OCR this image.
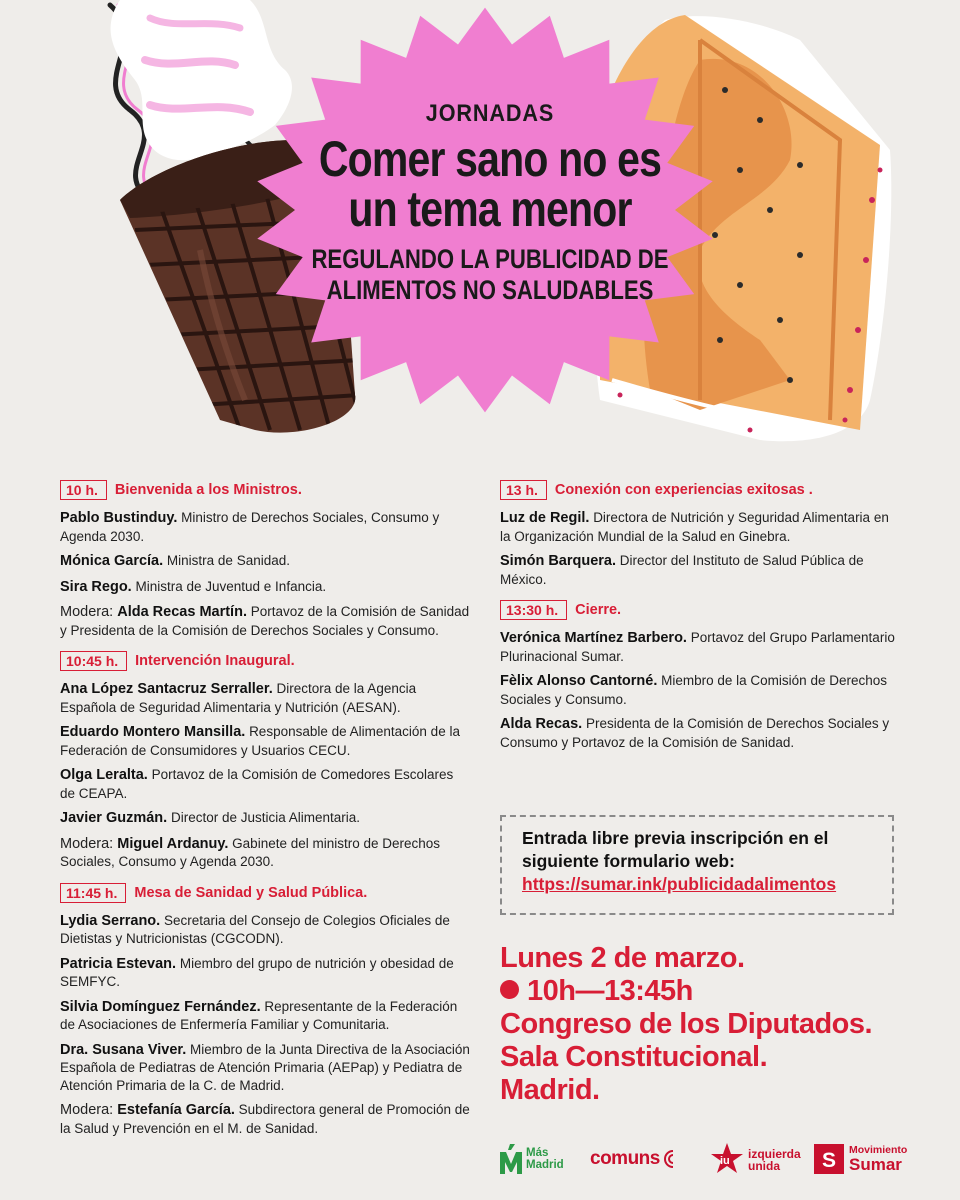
JORNADAS
Comer sano no es
un tema menor
REGULANDO LA PUBLICIDAD DE
ALIMENTOS NO SALUDABLES
10 h.	Bienvenida a los Ministros.
Pablo Bustinduy. Ministro de Derechos Sociales, Consumo y Agenda 2030.
Mónica García. Ministra de Sanidad.
Sira Rego. Ministra de Juventud e Infancia.
Modera: Alda Recas Martín. Portavoz de la Comisión de Sanidad y Presidenta de la Comisión de Derechos Sociales y Consumo.
10:45 h.	Intervención Inaugural.
Ana López Santacruz Serraller. Directora de la Agencia Española de Seguridad Alimentaria y Nutrición (AESAN).
Eduardo Montero Mansilla. Responsable de Alimentación de la Federación de Consumidores y Usuarios CECU.
Olga Leralta. Portavoz de la Comisión de Comedores Escolares de CEAPA.
Javier Guzmán. Director de Justicia Alimentaria.
Modera: Miguel Ardanuy. Gabinete del ministro de Derechos Sociales, Consumo y Agenda 2030.
11:45 h.	Mesa de Sanidad y Salud Pública.
Lydia Serrano. Secretaria del Consejo de Colegios Oficiales de Dietistas y Nutricionistas (CGCODN).
Patricia Estevan. Miembro del grupo de nutrición y obesidad de SEMFYC.
Silvia Domínguez Fernández. Representante de la Federación de Asociaciones de Enfermería Familiar y Comunitaria.
Dra. Susana Viver. Miembro de la Junta Directiva de la Asociación Española de Pediatras de Atención Primaria (AEPap) y Pediatra de Atención Primaria de la C. de Madrid.
Modera: Estefanía García. Subdirectora general de Promoción de la Salud y Prevención en el M. de Sanidad.
13 h.	Conexión con experiencias exitosas .
Luz de Regil. Directora de Nutrición y Seguridad Alimentaria en la Organización Mundial de la Salud en Ginebra.
Simón Barquera. Director del Instituto de Salud Pública de México.
13:30 h.	Cierre.
Verónica Martínez Barbero. Portavoz del Grupo Parlamentario Plurinacional Sumar.
Fèlix Alonso Cantorné. Miembro de la Comisión de Derechos Sociales y Consumo.
Alda Recas. Presidenta de la Comisión de Derechos Sociales y Consumo y Portavoz de la Comisión de Sanidad.
Entrada libre previa inscripción en el
siguiente formulario web:
https://sumar.ink/publicidadalimentos
Lunes 2 de marzo.
10h—13:45h
Congreso de los Diputados.
Sala Constitucional.
Madrid.
Más
Madrid comuns	iu izquierda
unida	S Movimiento
Sumar
